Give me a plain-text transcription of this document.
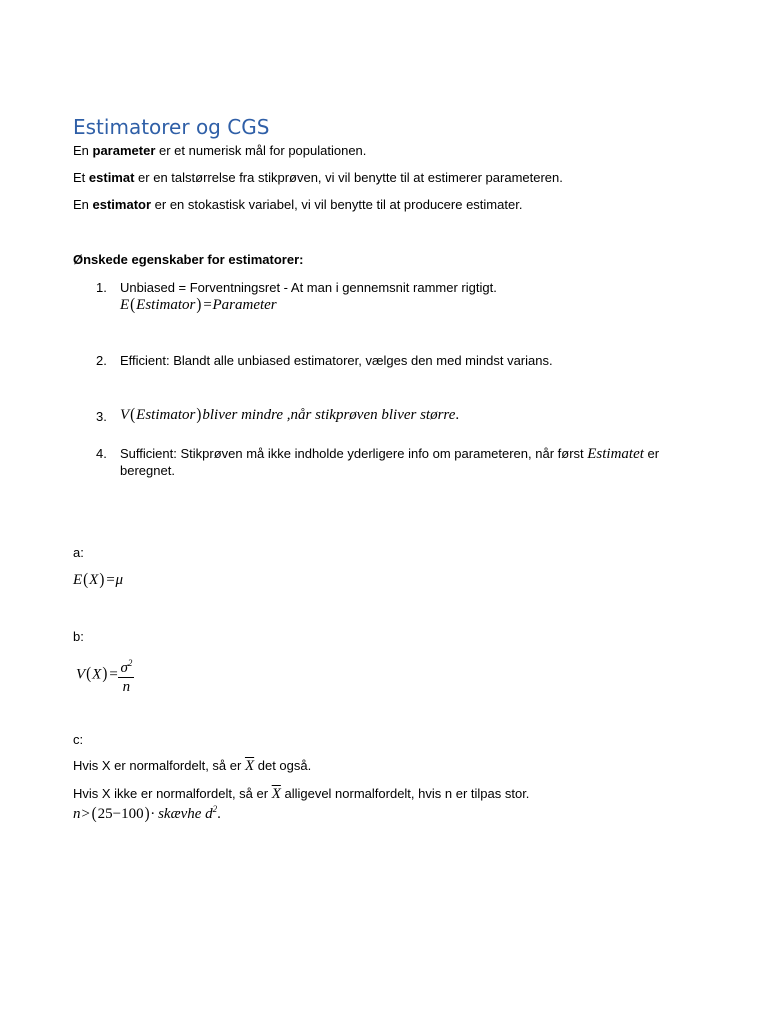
Estimatorer og CGS
En parameter er et numerisk mål for populationen.
Et estimat er en talstørrelse fra stikprøven, vi vil benytte til at estimerer parameteren.
En estimator er en stokastisk variabel, vi vil benytte til at producere estimater.
Ønskede egenskaber for estimatorer:
1. Unbiased = Forventningsret - At man i gennemsnit rammer rigtigt.
E(Estimator)=Parameter
2. Efficient: Blandt alle unbiased estimatorer, vælges den med mindst varians.
3. V(Estimator)bliver mindre ,når stikprøven bliver større.
4. Sufficient: Stikprøven må ikke indholde yderligere info om parameteren, når først Estimatet er
beregnet.
a:
E(X)=μ
b:
$V(X)= \frac{\sigma^2}{n}$
c:
Hvis X er normalfordelt, så er $\overline{X}$ det også.
Hvis X ikke er normalfordelt, så er $\overline{X}$ alligevel normalfordelt, hvis n er tilpas stor.
n>(25−100)· skævhe $d^2$.
